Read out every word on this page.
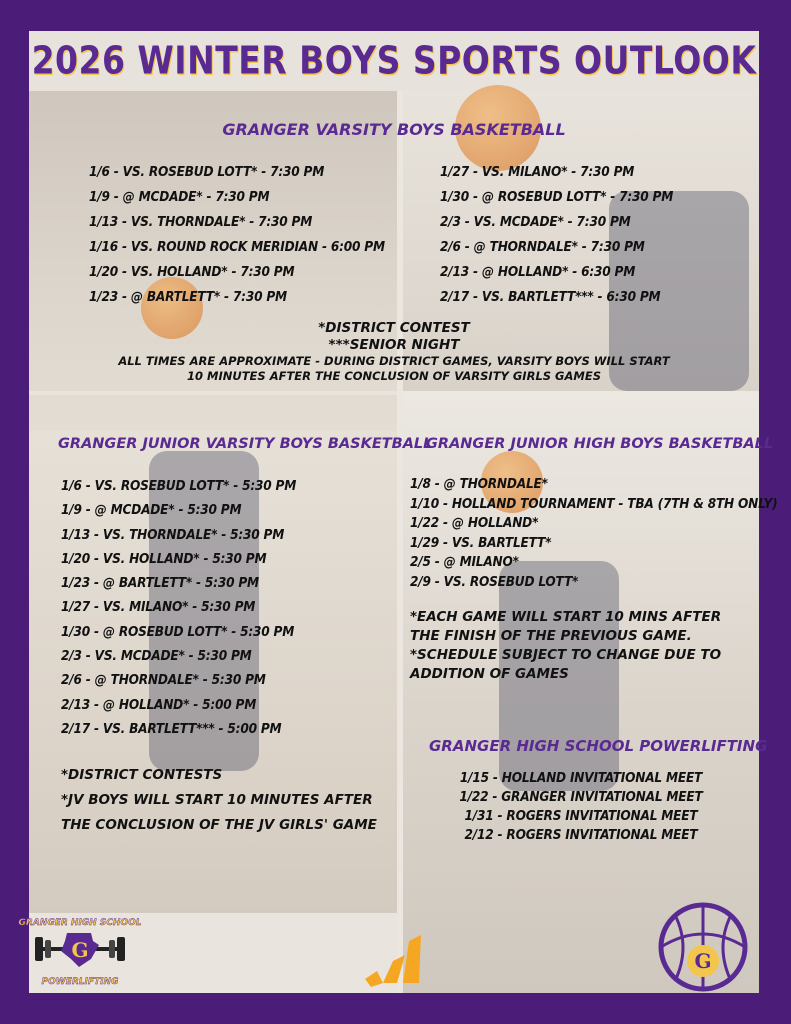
2026 WINTER BOYS SPORTS OUTLOOK
GRANGER VARSITY BOYS BASKETBALL
1/6 - VS. ROSEBUD LOTT* - 7:30 PM
1/9 - @ MCDADE* - 7:30 PM
1/13 - VS. THORNDALE* - 7:30 PM
1/16 - VS. ROUND ROCK MERIDIAN - 6:00 PM
1/20 - VS. HOLLAND* - 7:30 PM
1/23 - @ BARTLETT* - 7:30 PM
1/27 - VS. MILANO* - 7:30 PM
1/30 - @ ROSEBUD LOTT* - 7:30 PM
2/3 - VS. MCDADE* - 7:30 PM
2/6 - @ THORNDALE* - 7:30 PM
2/13 - @ HOLLAND* - 6:30 PM
2/17 - VS. BARTLETT*** - 6:30 PM
*DISTRICT CONTEST
***SENIOR NIGHT
ALL TIMES ARE APPROXIMATE - DURING DISTRICT GAMES, VARSITY BOYS WILL START
10 MINUTES AFTER THE CONCLUSION OF VARSITY GIRLS GAMES
GRANGER JUNIOR VARSITY BOYS BASKETBALL
1/6 - VS. ROSEBUD LOTT* - 5:30 PM
1/9 - @ MCDADE* - 5:30 PM
1/13 - VS. THORNDALE* - 5:30 PM
1/20 - VS. HOLLAND* - 5:30 PM
1/23 - @ BARTLETT* - 5:30 PM
1/27 - VS. MILANO* - 5:30 PM
1/30 - @ ROSEBUD LOTT* - 5:30 PM
2/3 - VS. MCDADE* - 5:30 PM
2/6 - @ THORNDALE* - 5:30 PM
2/13 - @ HOLLAND* - 5:00 PM
2/17 - VS. BARTLETT*** - 5:00 PM
*DISTRICT CONTESTS
*JV BOYS WILL START 10 MINUTES AFTER
THE CONCLUSION OF THE JV GIRLS' GAME
GRANGER JUNIOR HIGH BOYS BASKETBALL
1/8 - @ THORNDALE*
1/10 - HOLLAND TOURNAMENT - TBA (7TH & 8TH ONLY)
1/22 - @ HOLLAND*
1/29 - VS. BARTLETT*
2/5 - @ MILANO*
2/9 - VS. ROSEBUD LOTT*
*EACH GAME WILL START 10 MINS AFTER
THE FINISH OF THE PREVIOUS GAME.
*SCHEDULE SUBJECT TO CHANGE DUE TO
ADDITION OF GAMES
GRANGER HIGH SCHOOL POWERLIFTING
1/15 - HOLLAND INVITATIONAL MEET
1/22 - GRANGER INVITATIONAL MEET
1/31 - ROGERS INVITATIONAL MEET
2/12 - ROGERS INVITATIONAL MEET
GRANGER HIGH SCHOOL
G
POWERLIFTING
G
